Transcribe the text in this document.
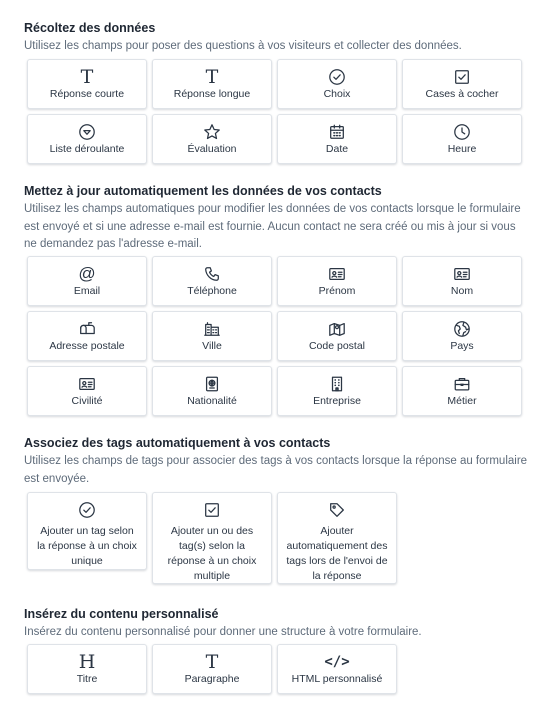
Récoltez des données
Utilisez les champs pour poser des questions à vos visiteurs et collecter des données.
T
Réponse courte
T
Réponse longue	Choix	Cases à cocher
Liste déroulante	Évaluation	Date	Heure
Mettez à jour automatiquement les données de vos contacts
Utilisez les champs automatiques pour modifier les données de vos contacts lorsque le formulaire
est envoyé et si une adresse e-mail est fournie. Aucun contact ne sera créé ou mis à jour si vous
ne demandez pas l'adresse e-mail.
@
Email	Téléphone	Prénom	Nom
Adresse postale	Ville	Code postal	Pays
Civilité	Nationalité	Entreprise	Métier
Associez des tags automatiquement à vos contacts
Utilisez les champs de tags pour associer des tags à vos contacts lorsque la réponse au formulaire
est envoyée.
Ajouter un tag selon
la réponse à un choix
unique
Ajouter un ou des
tag(s) selon la
réponse à un choix
multiple
Ajouter
automatiquement des
tags lors de l'envoi de
la réponse
Insérez du contenu personnalisé
Insérez du contenu personnalisé pour donner une structure à votre formulaire.
H
Titre
T
Paragraphe
</>
HTML personnalisé
